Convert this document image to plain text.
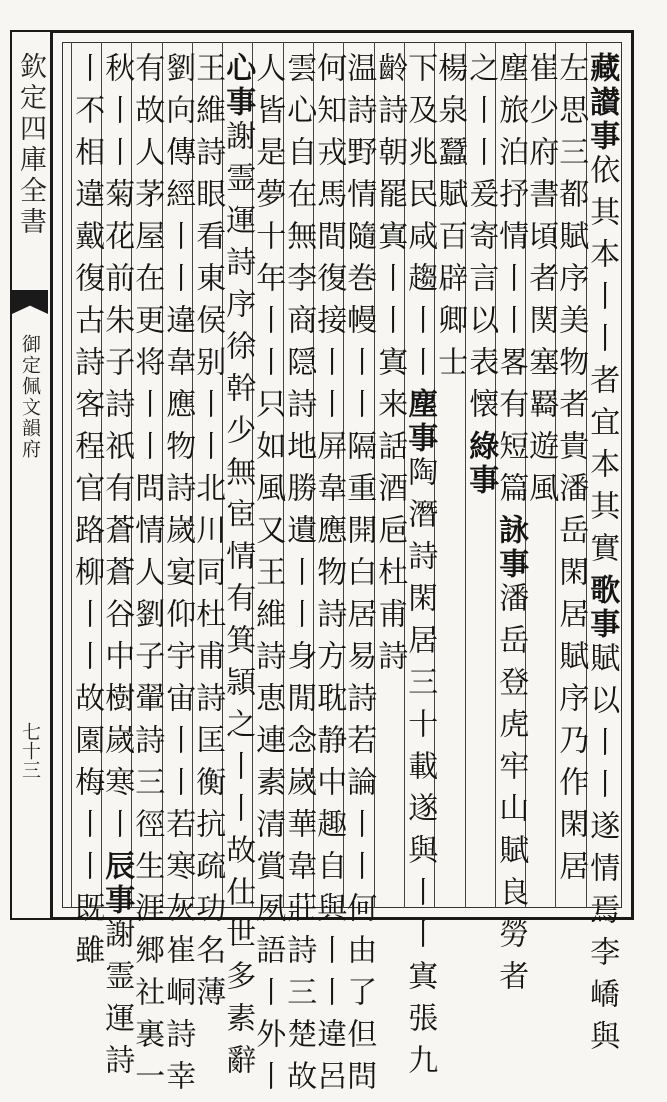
欽定四庫全書
御定佩文韻府
七十三
藏讃事依其本丨丨者宜本其實歌事賦以丨丨遂情焉李嶠與
左思三都賦序美物者貴潘岳閑居賦序乃作閑居
崔少府書頃者関塞羇遊風
塵旅泊抒情丨丨畧有短篇詠事潘岳登虎牢山賦良勞者
之丨丨爰寄言以表懐綠事
楊泉蠶賦百辟卿士
下及兆民咸趨丨丨塵事陶潛詩閑居三十載遂與丨丨寘張九
齡詩朝罷寘丨丨寘来話酒巵杜甫詩
温詩野情隨巻幔丨丨隔重開白居易詩若論丨丨何由了但問
何知戎馬間復接丨丨屏韋應物詩方耽静中趣自與丨丨違呂
雲心自在無李商隠詩地勝遺丨丨身閒念嵗華韋莊詩三楚故
人皆是夢十年丨丨只如風又王維詩恵連素清賞夙語丨外丨
心事謝霊運詩序徐幹少無宦情有箕頴之丨丨故仕世多素辭
王維詩眼看東侯别丨丨北川同杜甫詩匡衡抗疏功名薄
劉向傳經丨丨違韋應物詩嵗宴仰宇宙丨丨若寒灰崔峒詩幸
有故人茅屋在更将丨丨問情人劉子翬詩三徑生涯郷社裏一
秋丨丨菊花前朱子詩祇有蒼蒼谷中樹嵗寒丨辰事謝霊運詩
丨不相違戴復古詩客程官路柳丨丨故園梅丨丨既雖
